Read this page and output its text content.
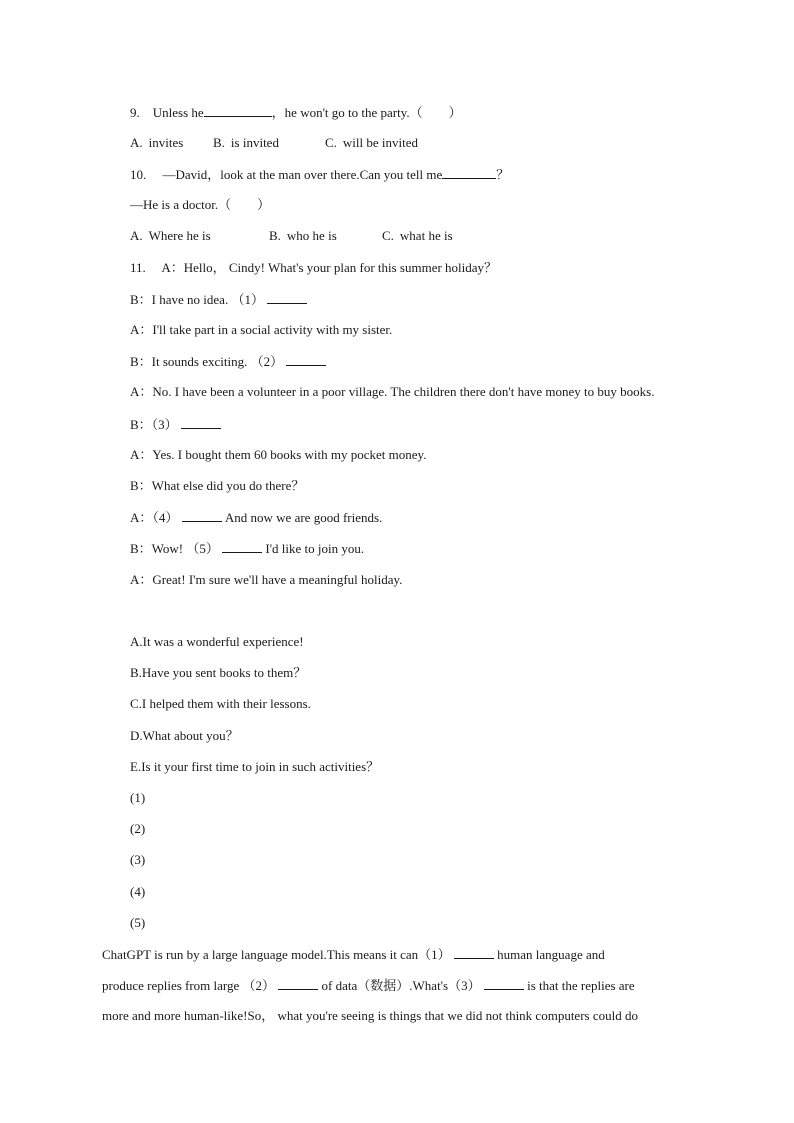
9. Unless he	，he won't go to the party.（　　）
A. invites B. is invited	C. will be invited
10. —David，look at the man over there.Can you tell me	？
—He is a doctor.（　　）
A. Where he is	B. who he is	C. what he is
11. A：Hello， Cindy! What's your plan for this summer holiday？
B：I have no idea. （1）
A：I'll take part in a social activity with my sister.
B：It sounds exciting. （2）
A：No. I have been a volunteer in a poor village. The children there don't have money to buy books.
B：（3）
A：Yes. I bought them 60 books with my pocket money.
B：What else did you do there？
A：（4）	And now we are good friends.
B：Wow! （5）	I'd like to join you.
A：Great! I'm sure we'll have a meaningful holiday.
A.It was a wonderful experience!
B.Have you sent books to them？
C.I helped them with their lessons.
D.What about you？
E.Is it your first time to join in such activities？
(1)
(2)
(3)
(4)
(5)
ChatGPT is run by a large language model.This means it can（1）	human language and
produce replies from large （2）	of data（数据）.What's（3）	is that the replies are
more and more human-like!So， what you're seeing is things that we did not think computers could do
